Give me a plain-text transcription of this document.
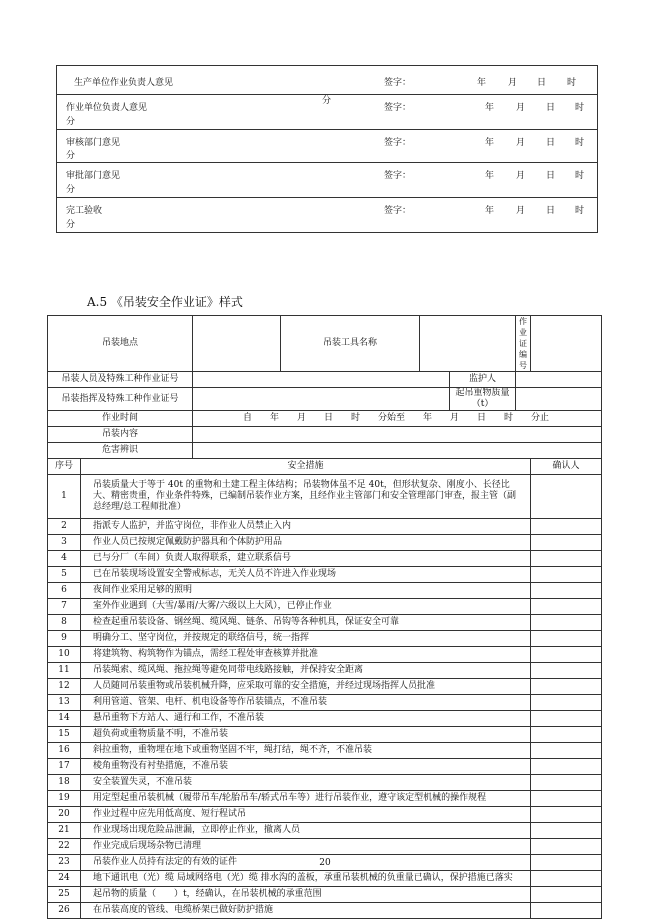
生产单位作业负责人意见	签字：	年 月 日 时
分
作业单位负责人意见	签字：	年 月 日 时
分
审核部门意见	签字：	年 月 日 时
分
审批部门意见	签字：	年 月 日 时
分
完工验收	签字：	年 月 日 时
分
A.5 《吊装安全作业证》样式
吊装地点			吊装工具名称			作业证编号	
吊装人员及特殊工种作业证号					监护人		
吊装指挥及特殊工种作业证号					起吊重物质量（t）		
作业时间		自　　年　　月　　日　　时　　分始至　　年　　月　　日　　时　　分止					
吊装内容							
危害辨识							
序号	安全措施						确认人
1	吊装质量大于等于 40t 的重物和土建工程主体结构；吊装物体虽不足 40t，但形状复杂、刚度小、长径比大、精密贵重，作业条件特殊，已编制吊装作业方案，且经作业主管部门和安全管理部门审查，报主管（副总经理/总工程师批准）						
2	指派专人监护，并监守岗位，非作业人员禁止入内						
3	作业人员已按规定佩戴防护器具和个体防护用品						
4	已与分厂（车间）负责人取得联系，建立联系信号						
5	已在吊装现场设置安全警戒标志，无关人员不许进入作业现场						
6	夜间作业采用足够的照明						
7	室外作业遇到（大雪/暴雨/大雾/六级以上大风），已停止作业						
8	检查起重吊装设备、钢丝绳、缆风绳、链条、吊钩等各种机具，保证安全可靠						
9	明确分工、坚守岗位，并按规定的联络信号，统一指挥						
10	将建筑物、构筑物作为锚点，需经工程处审查核算并批准						
11	吊装绳索、缆风绳、拖拉绳等避免同带电线路接触，并保持安全距离						
12	人员随同吊装重物或吊装机械升降，应采取可靠的安全措施，并经过现场指挥人员批准						
13	利用管道、管架、电杆、机电设备等作吊装锚点，不准吊装						
14	悬吊重物下方站人、通行和工作，不准吊装						
15	超负荷或重物质量不明，不准吊装						
16	斜拉重物，重物埋在地下或重物坚固不牢，绳打结，绳不齐，不准吊装						
17	棱角重物没有衬垫措施，不准吊装						
18	安全装置失灵，不准吊装						
19	用定型起重吊装机械（履带吊车/轮胎吊车/轿式吊车等）进行吊装作业，遵守该定型机械的操作规程						
20	作业过程中应先用低高度、短行程试吊						
21	作业现场出现危险品泄漏，立即停止作业，撤离人员						
22	作业完成后现场杂物已清理						
23	吊装作业人员持有法定的有效的证件						
24	地下通讯电（光）缆 局域网络电（光）缆 排水沟的盖板，承重吊装机械的负重量已确认，保护措施已落实						
25	起吊物的质量（　　）t，经确认，在吊装机械的承重范围						
26	在吊装高度的管线、电缆桥架已做好防护措施						
20
